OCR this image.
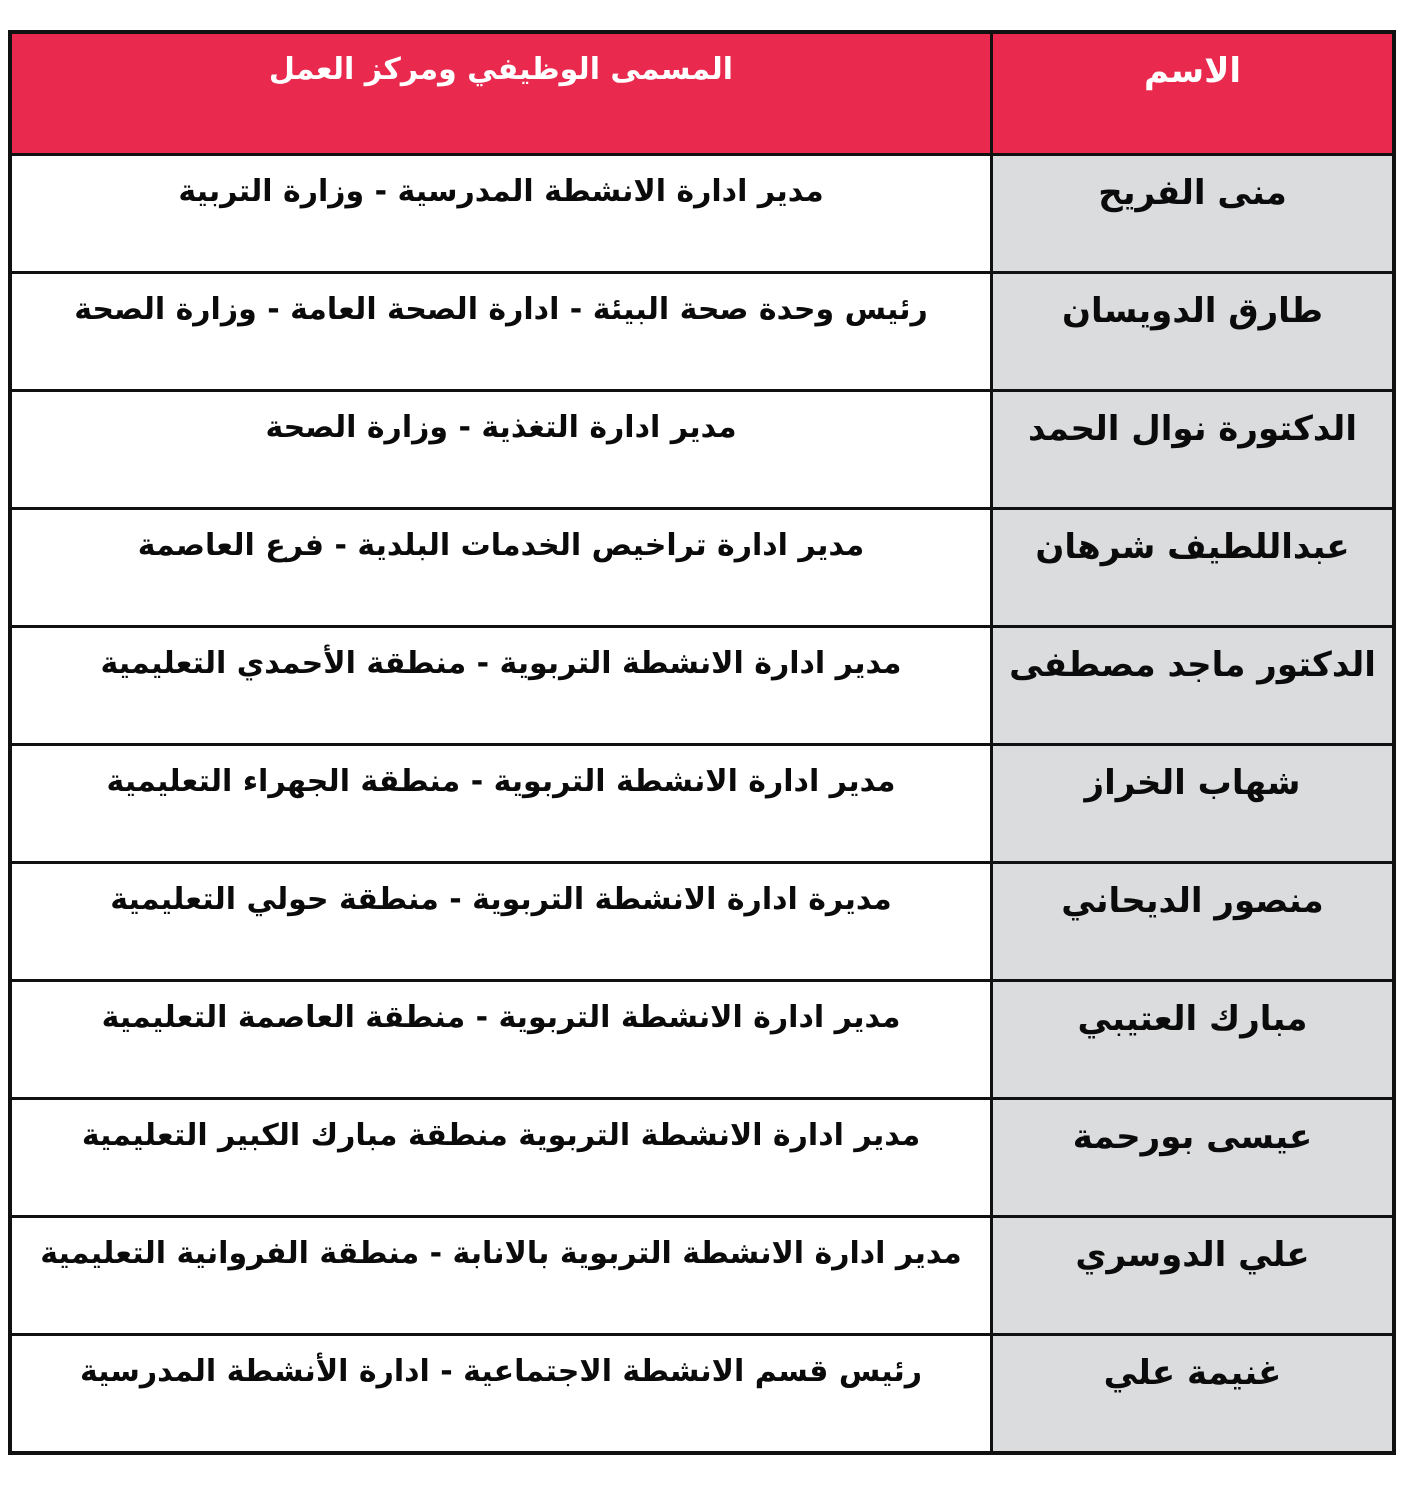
الاسم
المسمى الوظيفي ومركز العمل
منى الفريح
مدير ادارة الانشطة المدرسية - وزارة التربية
طارق الدويسان
رئيس وحدة صحة البيئة - ادارة الصحة العامة - وزارة الصحة
الدكتورة نوال الحمد
مدير ادارة التغذية - وزارة الصحة
عبداللطيف شرهان
مدير ادارة تراخيص الخدمات البلدية - فرع العاصمة
الدكتور ماجد مصطفى
مدير ادارة الانشطة التربوية - منطقة الأحمدي التعليمية
شهاب الخراز
مدير ادارة الانشطة التربوية - منطقة الجهراء التعليمية
منصور الديحاني
مديرة ادارة الانشطة التربوية - منطقة حولي التعليمية
مبارك العتيبي
مدير ادارة الانشطة التربوية - منطقة العاصمة التعليمية
عيسى بورحمة
مدير ادارة الانشطة التربوية منطقة مبارك الكبير التعليمية
علي الدوسري
مدير ادارة الانشطة التربوية بالانابة - منطقة الفروانية التعليمية
غنيمة علي
رئيس قسم الانشطة الاجتماعية - ادارة الأنشطة المدرسية
